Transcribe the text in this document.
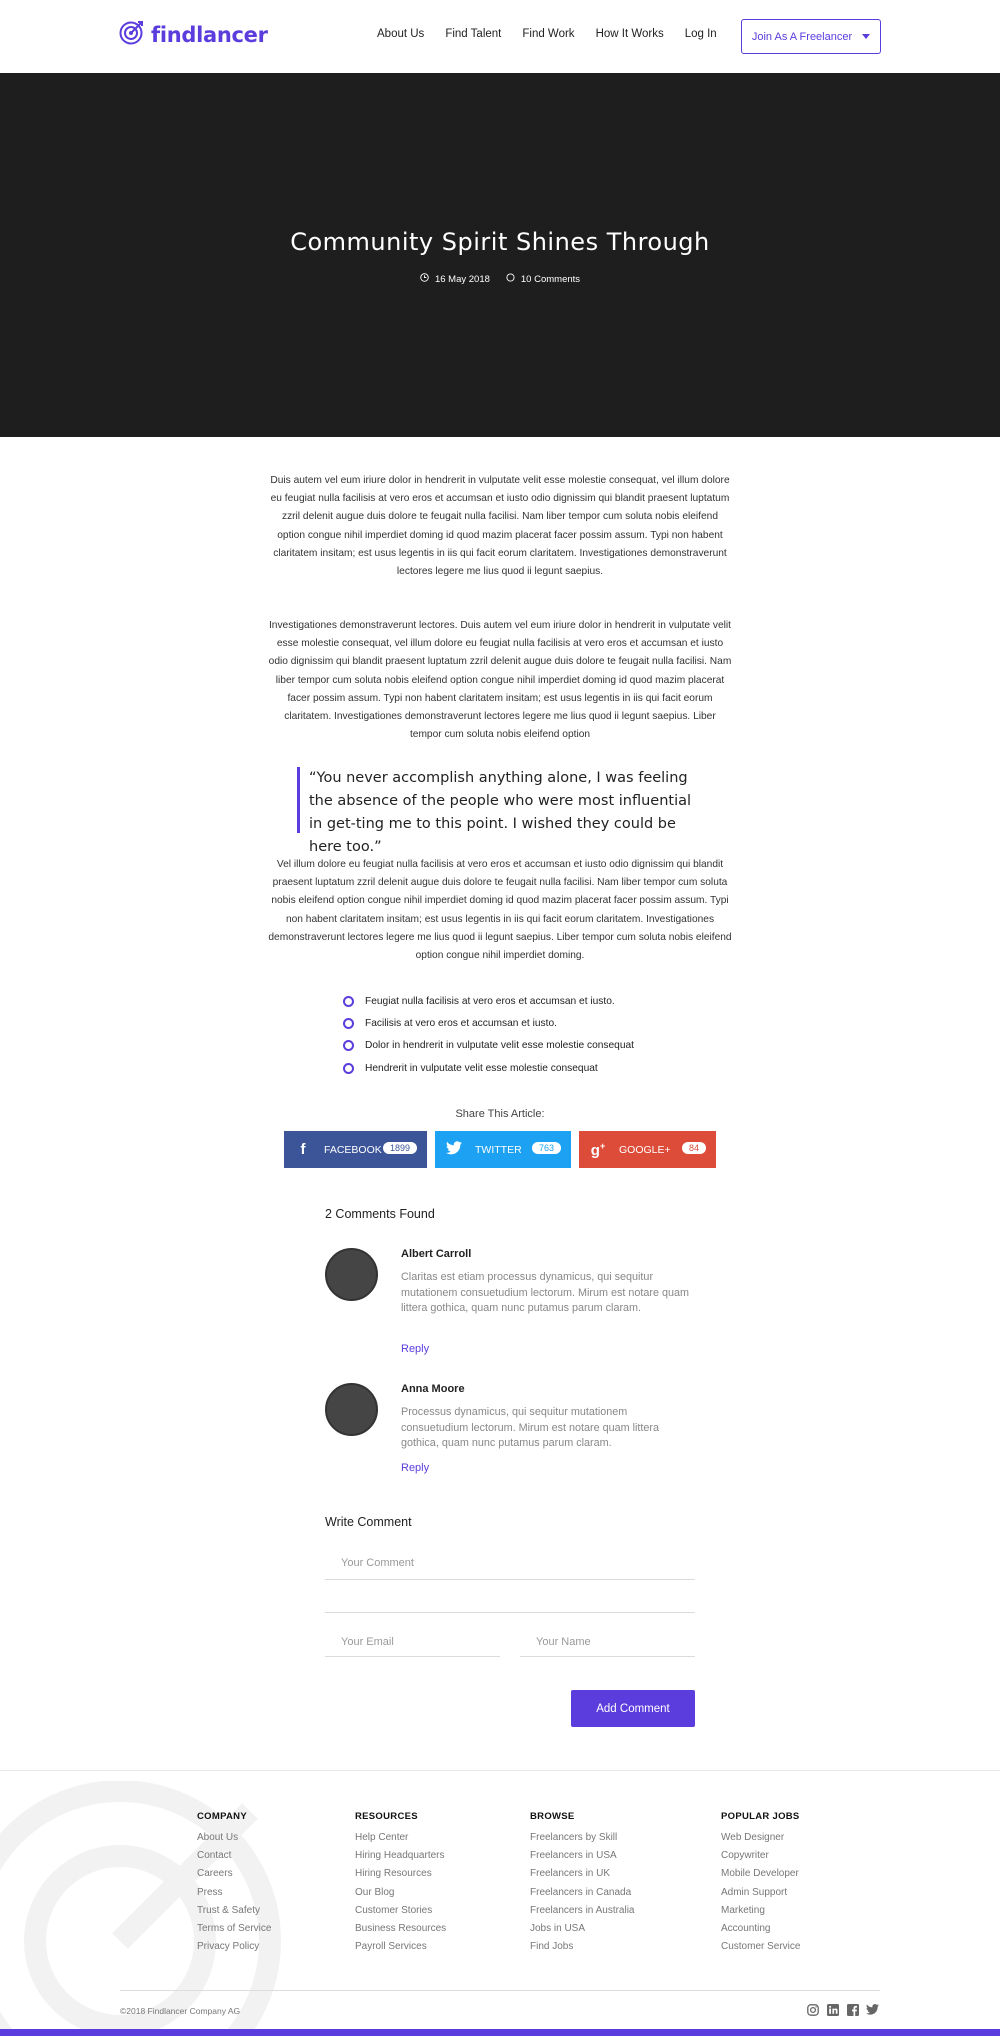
findlancer	About Us Find Talent Find Work How It Works Log In	Join As A Freelancer
Community Spirit Shines Through
16 May 2018	10 Comments

Duis autem vel eum iriure dolor in hendrerit in vulputate velit esse molestie consequat, vel illum dolore eu feugiat nulla facilisis at vero eros et accumsan et iusto odio dignissim qui blandit praesent luptatum zzril delenit augue duis dolore te feugait nulla facilisi. Nam liber tempor cum soluta nobis eleifend option congue nihil imperdiet doming id quod mazim placerat facer possim assum. Typi non habent claritatem insitam; est usus legentis in iis qui facit eorum claritatem. Investigationes demonstraverunt lectores legere me lius quod ii legunt saepius.

Investigationes demonstraverunt lectores. Duis autem vel eum iriure dolor in hendrerit in vulputate velit esse molestie consequat, vel illum dolore eu feugiat nulla facilisis at vero eros et accumsan et iusto odio dignissim qui blandit praesent luptatum zzril delenit augue duis dolore te feugait nulla facilisi. Nam liber tempor cum soluta nobis eleifend option congue nihil imperdiet doming id quod mazim placerat facer possim assum. Typi non habent claritatem insitam; est usus legentis in iis qui facit eorum claritatem. Investigationes demonstraverunt lectores legere me lius quod ii legunt saepius. Liber tempor cum soluta nobis eleifend option

“You never accomplish anything alone, I was feeling the absence of the people who were most influential in get-ting me to this point. I wished they could be here too.”

Vel illum dolore eu feugiat nulla facilisis at vero eros et accumsan et iusto odio dignissim qui blandit praesent luptatum zzril delenit augue duis dolore te feugait nulla facilisi. Nam liber tempor cum soluta nobis eleifend option congue nihil imperdiet doming id quod mazim placerat facer possim assum. Typi non habent claritatem insitam; est usus legentis in iis qui facit eorum claritatem. Investigationes demonstraverunt lectores legere me lius quod ii legunt saepius. Liber tempor cum soluta nobis eleifend option congue nihil imperdiet doming.

Feugiat nulla facilisis at vero eros et accumsan et iusto.
Facilisis at vero eros et accumsan et iusto.
Dolor in hendrerit in vulputate velit esse molestie consequat
Hendrerit in vulputate velit esse molestie consequat
Share This Article:
f	FACEBOOK 1899	TWITTER	763	g+ GOOGLE+	84
2 Comments Found
Albert Carroll
Claritas est etiam processus dynamicus, qui sequitur mutationem consuetudium lectorum. Mirum est notare quam littera gothica, quam nunc putamus parum claram.
Reply
Anna Moore
Processus dynamicus, qui sequitur mutationem consuetudium lectorum. Mirum est notare quam littera gothica, quam nunc putamus parum claram.
Reply
Write Comment
Your Comment
Your Email
Your Name
Add Comment
COMPANY
About Us
Contact
Careers
Press
Trust & Safety
Terms of Service
Privacy Policy
RESOURCES
Help Center
Hiring Headquarters
Hiring Resources
Our Blog
Customer Stories
Business Resources
Payroll Services
BROWSE
Freelancers by Skill
Freelancers in USA
Freelancers in UK
Freelancers in Canada
Freelancers in Australia
Jobs in USA
Find Jobs
POPULAR JOBS
Web Designer
Copywriter
Mobile Developer
Admin Support
Marketing
Accounting
Customer Service
©2018 Findlancer Company AG
